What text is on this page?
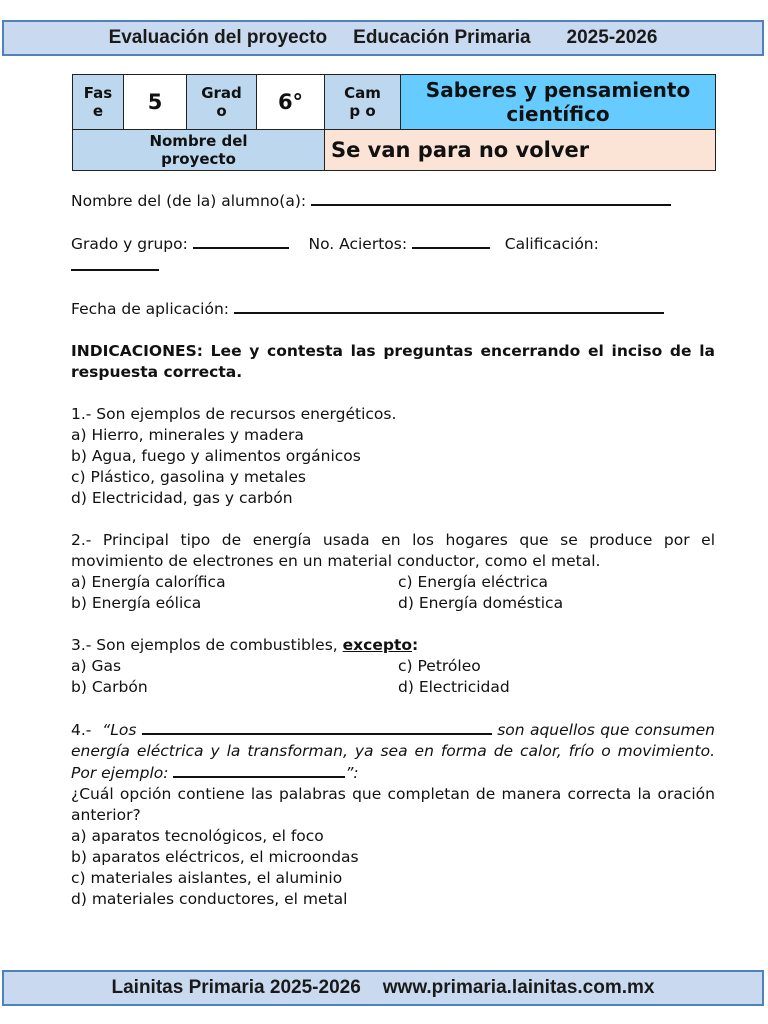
Evaluación del proyecto Educación Primaria 2025-2026
Fas e	5	Grad o	6°	Camp o	Saberes y pensamiento científico
Nombre del proyecto				Se van para no volver	
Nombre del (de la) alumno(a):
Grado y grupo:	No. Aciertos:	Calificación:
Fecha de aplicación:
INDICACIONES: Lee y contesta las preguntas encerrando el inciso de la respuesta correcta.
1.- Son ejemplos de recursos energéticos.
a) Hierro, minerales y madera
b) Agua, fuego y alimentos orgánicos
c) Plástico, gasolina y metales
d) Electricidad, gas y carbón
2.- Principal tipo de energía usada en los hogares que se produce por el movimiento de electrones en un material conductor, como el metal.
a) Energía calorífica	c) Energía eléctrica
b) Energía eólica	d) Energía doméstica
3.- Son ejemplos de combustibles, excepto:
a) Gas	c) Petróleo
b) Carbón	d) Electricidad
4.- “Los	son aquellos que consumen energía eléctrica y la transforman, ya sea en forma de calor, frío o movimiento. Por ejemplo:	”:
¿Cuál opción contiene las palabras que completan de manera correcta la oración anterior?
a) aparatos tecnológicos, el foco
b) aparatos eléctricos, el microondas
c) materiales aislantes, el aluminio
d) materiales conductores, el metal
Lainitas Primaria 2025-2026 www.primaria.lainitas.com.mx
